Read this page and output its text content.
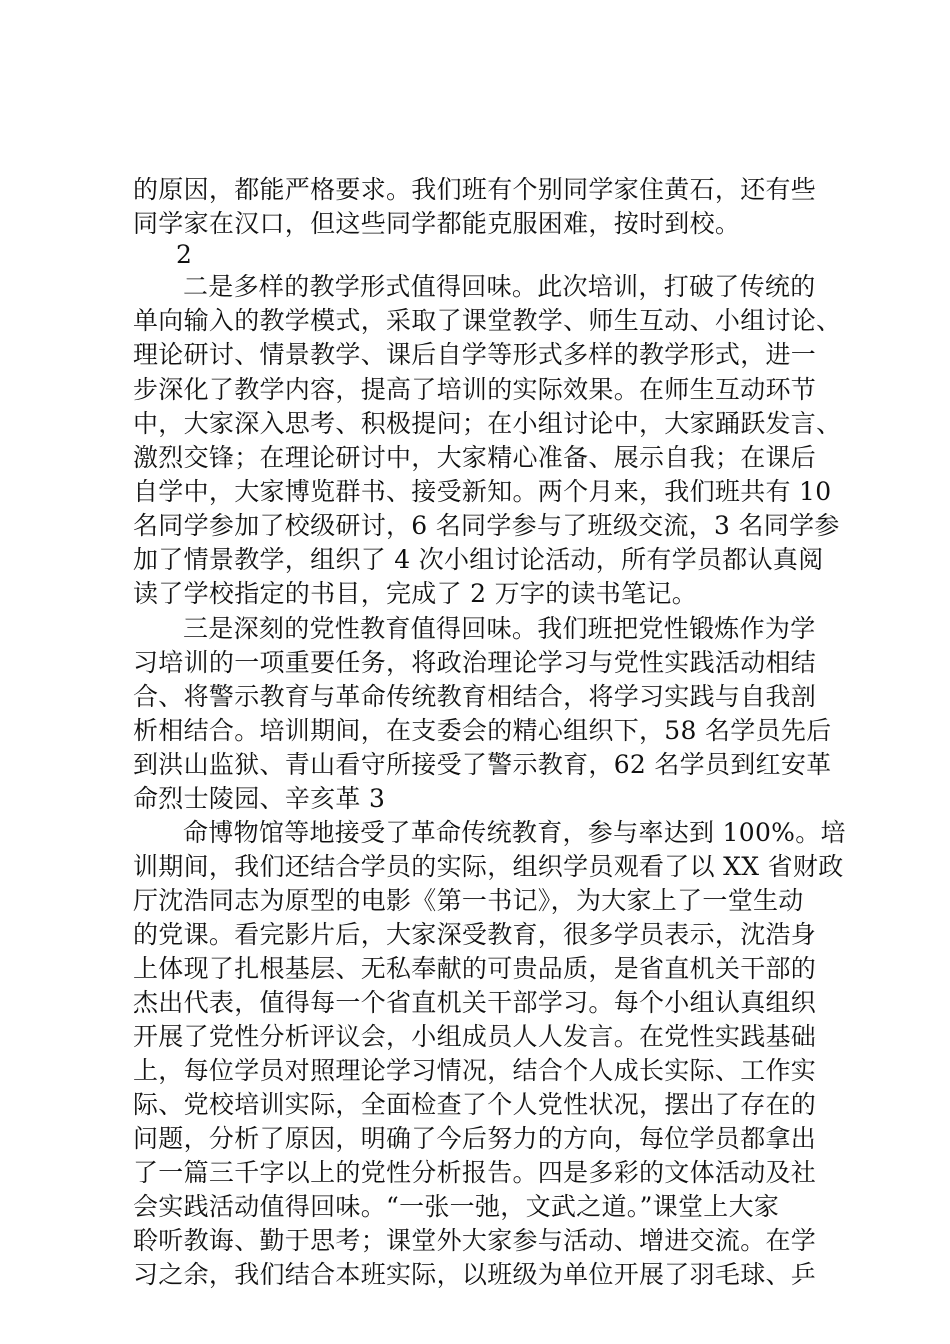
的原因，都能严格要求。我们班有个别同学家住黄石，还有些
同学家在汉口，但这些同学都能克服困难，按时到校。
2
二是多样的教学形式值得回味。此次培训，打破了传统的
单向输入的教学模式，采取了课堂教学、师生互动、小组讨论、
理论研讨、情景教学、课后自学等形式多样的教学形式，进一
步深化了教学内容，提高了培训的实际效果。在师生互动环节
中，大家深入思考、积极提问；在小组讨论中，大家踊跃发言、
激烈交锋；在理论研讨中，大家精心准备、展示自我；在课后
自学中，大家博览群书、接受新知。两个月来，我们班共有 10
名同学参加了校级研讨，6 名同学参与了班级交流，3 名同学参
加了情景教学，组织了 4 次小组讨论活动，所有学员都认真阅
读了学校指定的书目，完成了 2 万字的读书笔记。
三是深刻的党性教育值得回味。我们班把党性锻炼作为学
习培训的一项重要任务，将政治理论学习与党性实践活动相结
合、将警示教育与革命传统教育相结合，将学习实践与自我剖
析相结合。培训期间，在支委会的精心组织下，58 名学员先后
到洪山监狱、青山看守所接受了警示教育，62 名学员到红安革
命烈士陵园、辛亥革 3
命博物馆等地接受了革命传统教育，参与率达到 100%。培
训期间，我们还结合学员的实际，组织学员观看了以 XX 省财政
厅沈浩同志为原型的电影《第一书记》，为大家上了一堂生动
的党课。看完影片后，大家深受教育，很多学员表示，沈浩身
上体现了扎根基层、无私奉献的可贵品质，是省直机关干部的
杰出代表，值得每一个省直机关干部学习。每个小组认真组织
开展了党性分析评议会，小组成员人人发言。在党性实践基础
上，每位学员对照理论学习情况，结合个人成长实际、工作实
际、党校培训实际，全面检查了个人党性状况，摆出了存在的
问题，分析了原因，明确了今后努力的方向，每位学员都拿出
了一篇三千字以上的党性分析报告。四是多彩的文体活动及社
会实践活动值得回味。“一张一弛，文武之道。”课堂上大家
聆听教诲、勤于思考；课堂外大家参与活动、增进交流。在学
习之余，我们结合本班实际，以班级为单位开展了羽毛球、乒
